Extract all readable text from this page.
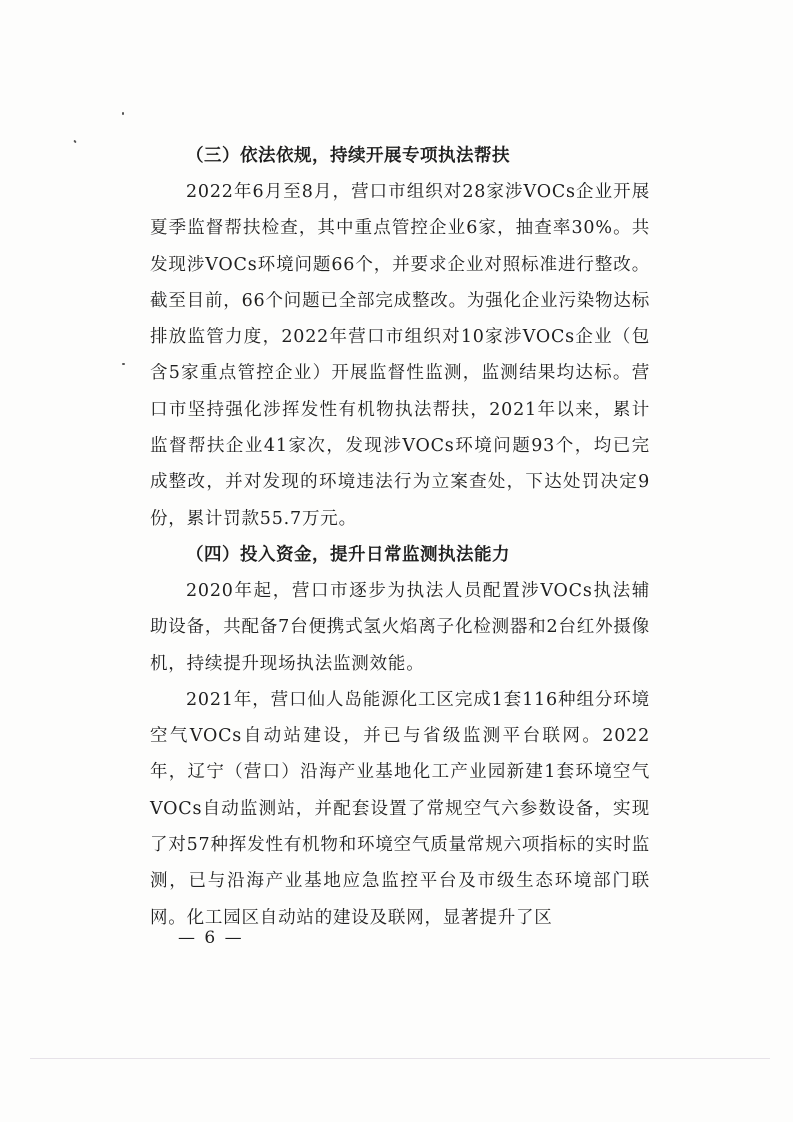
（三）依法依规，持续开展专项执法帮扶

2022年6月至8月，营口市组织对28家涉VOCs企业开展夏季监督帮扶检查，其中重点管控企业6家，抽查率30%。共发现涉VOCs环境问题66个，并要求企业对照标准进行整改。截至目前，66个问题已全部完成整改。为强化企业污染物达标排放监管力度，2022年营口市组织对10家涉VOCs企业（包含5家重点管控企业）开展监督性监测，监测结果均达标。营口市坚持强化涉挥发性有机物执法帮扶，2021年以来，累计监督帮扶企业41家次，发现涉VOCs环境问题93个，均已完成整改，并对发现的环境违法行为立案查处，下达处罚决定9份，累计罚款55.7万元。

（四）投入资金，提升日常监测执法能力

2020年起，营口市逐步为执法人员配置涉VOCs执法辅助设备，共配备7台便携式氢火焰离子化检测器和2台红外摄像机，持续提升现场执法监测效能。

2021年，营口仙人岛能源化工区完成1套116种组分环境空气VOCs自动站建设，并已与省级监测平台联网。2022年，辽宁（营口）沿海产业基地化工产业园新建1套环境空气VOCs自动监测站，并配套设置了常规空气六参数设备，实现了对57种挥发性有机物和环境空气质量常规六项指标的实时监测，已与沿海产业基地应急监控平台及市级生态环境部门联网。化工园区自动站的建设及联网，显著提升了区

— 6 —
